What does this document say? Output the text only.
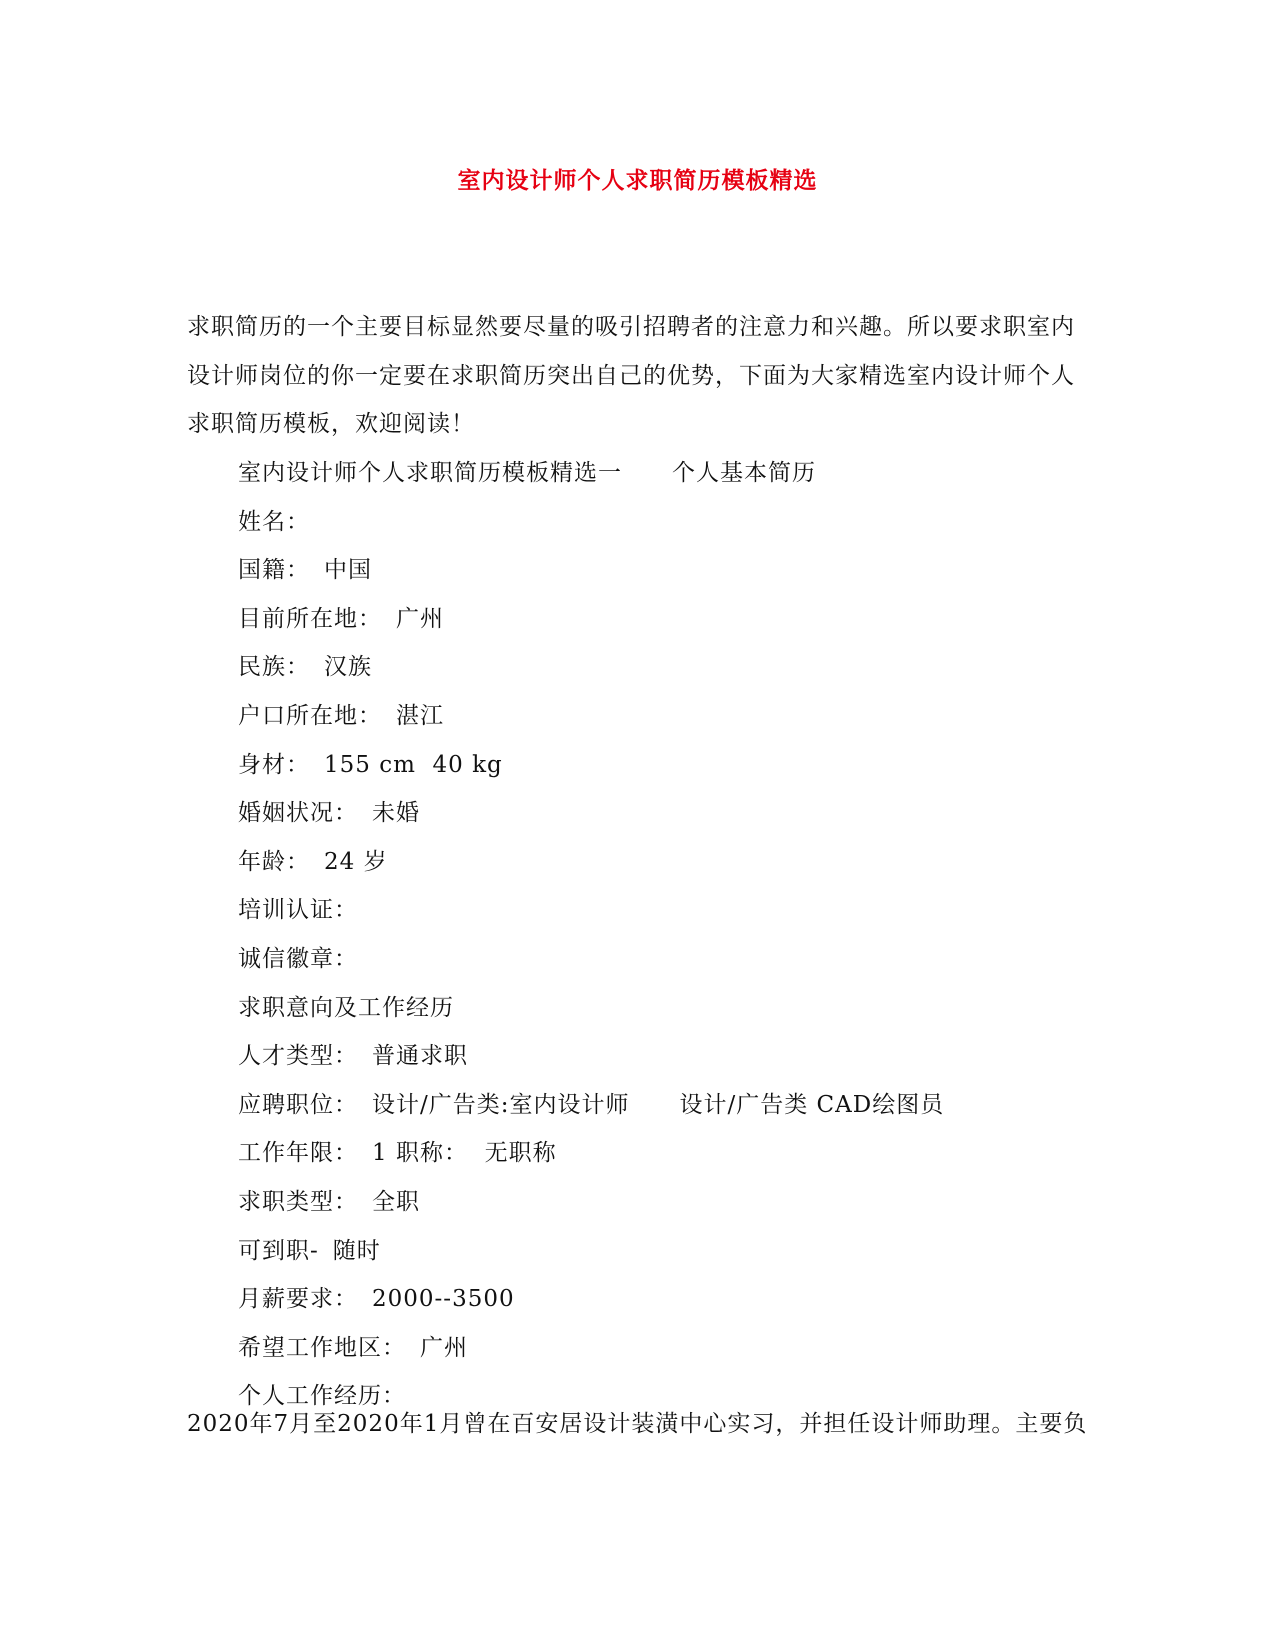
室内设计师个人求职简历模板精选

求职简历的一个主要目标显然要尽量的吸引招聘者的注意力和兴趣。所以要求职室内设计师岗位的你一定要在求职简历突出自己的优势，下面为大家精选室内设计师个人求职简历模板，欢迎阅读！

室内设计师个人求职简历模板精选一 个人基本简历
姓名：
国籍： 中国
目前所在地： 广州
民族： 汉族
户口所在地： 湛江
身材： 155 cm  40 kg
婚姻状况： 未婚
年龄： 24 岁
培训认证：
诚信徽章：
求职意向及工作经历
人才类型： 普通求职
应聘职位： 设计/广告类:室内设计师 设计/广告类 CAD绘图员
工作年限： 1 职称：  无职称
求职类型： 全职
可到职- 随时
月薪要求： 2000--3500
希望工作地区： 广州
个人工作经历：
2020年7月至2020年1月曾在百安居设计装潢中心实习，并担任设计师助理。主要负
